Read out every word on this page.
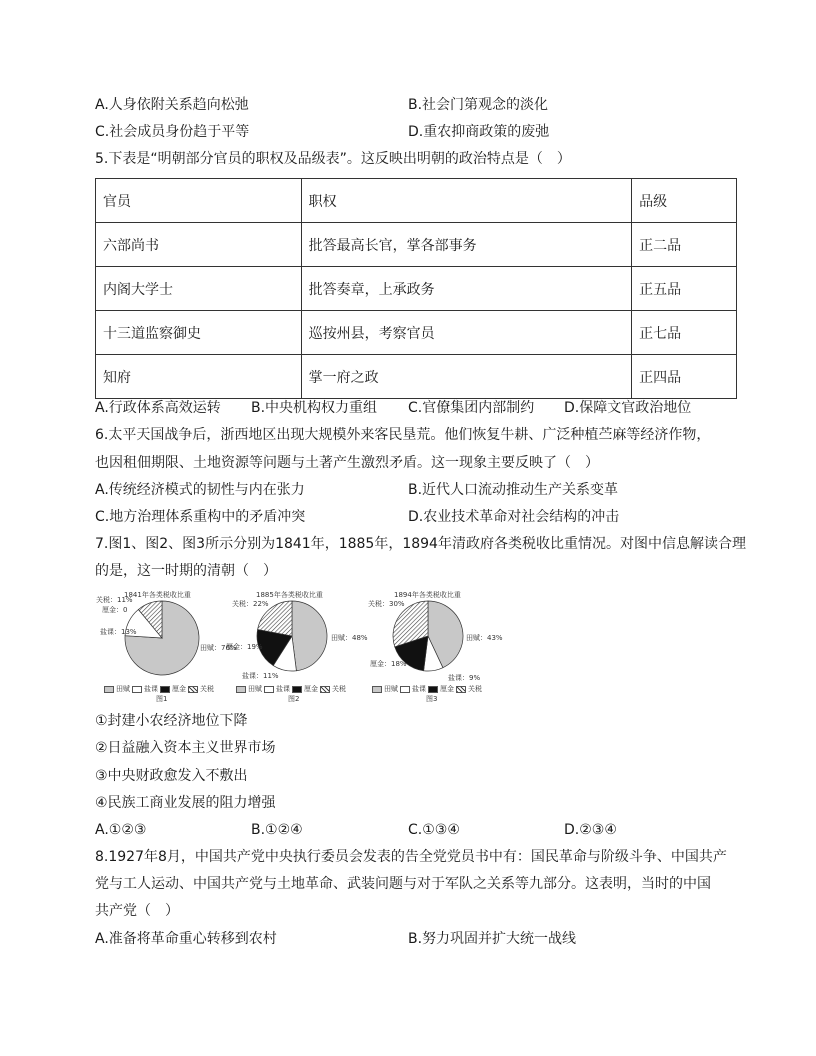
A.人身依附关系趋向松弛	B.社会门第观念的淡化
C.社会成员身份趋于平等	D.重农抑商政策的废弛
5.下表是“明朝部分官员的职权及品级表”。这反映出明朝的政治特点是（　）
官员	职权	品级
六部尚书	批答最高长官，掌各部事务	正二品
内阁大学士	批答奏章，上承政务	正五品
十三道监察御史	巡按州县，考察官员	正七品
知府	掌一府之政	正四品
A.行政体系高效运转 B.中央机构权力重组 C.官僚集团内部制约 D.保障文官政治地位
6.太平天国战争后，浙西地区出现大规模外来客民垦荒。他们恢复牛耕、广泛种植苎麻等经济作物，
也因租佃期限、土地资源等问题与土著产生激烈矛盾。这一现象主要反映了（　）
A.传统经济模式的韧性与内在张力	B.近代人口流动推动生产关系变革
C.地方治理体系重构中的矛盾冲突	D.农业技术革命对社会结构的冲击
7.图1、图2、图3所示分别为1841年，1885年，1894年清政府各类税收比重情况。对图中信息解读合理
的是，这一时期的清朝（　）
1841年各类税收比重
关税：11%
厘金：0
盐课：13%
田赋：76%
田赋 盐课 厘金 关税
图1
1885年各类税收比重
关税：22%
厘金：19%
盐课：11%
田赋：48%
田赋 盐课 厘金 关税
图2
1894年各类税收比重
关税：30%
厘金：18%
盐课：9%
田赋：43%
田赋 盐课 厘金 关税
图3
①封建小农经济地位下降
②日益融入资本主义世界市场
③中央财政愈发入不敷出
④民族工商业发展的阻力增强
A.①②③	B.①②④	C.①③④	D.②③④
8.1927年8月，中国共产党中央执行委员会发表的告全党党员书中有：国民革命与阶级斗争、中国共产
党与工人运动、中国共产党与土地革命、武装问题与对于军队之关系等九部分。这表明，当时的中国
共产党（　）
A.准备将革命重心转移到农村	B.努力巩固并扩大统一战线
